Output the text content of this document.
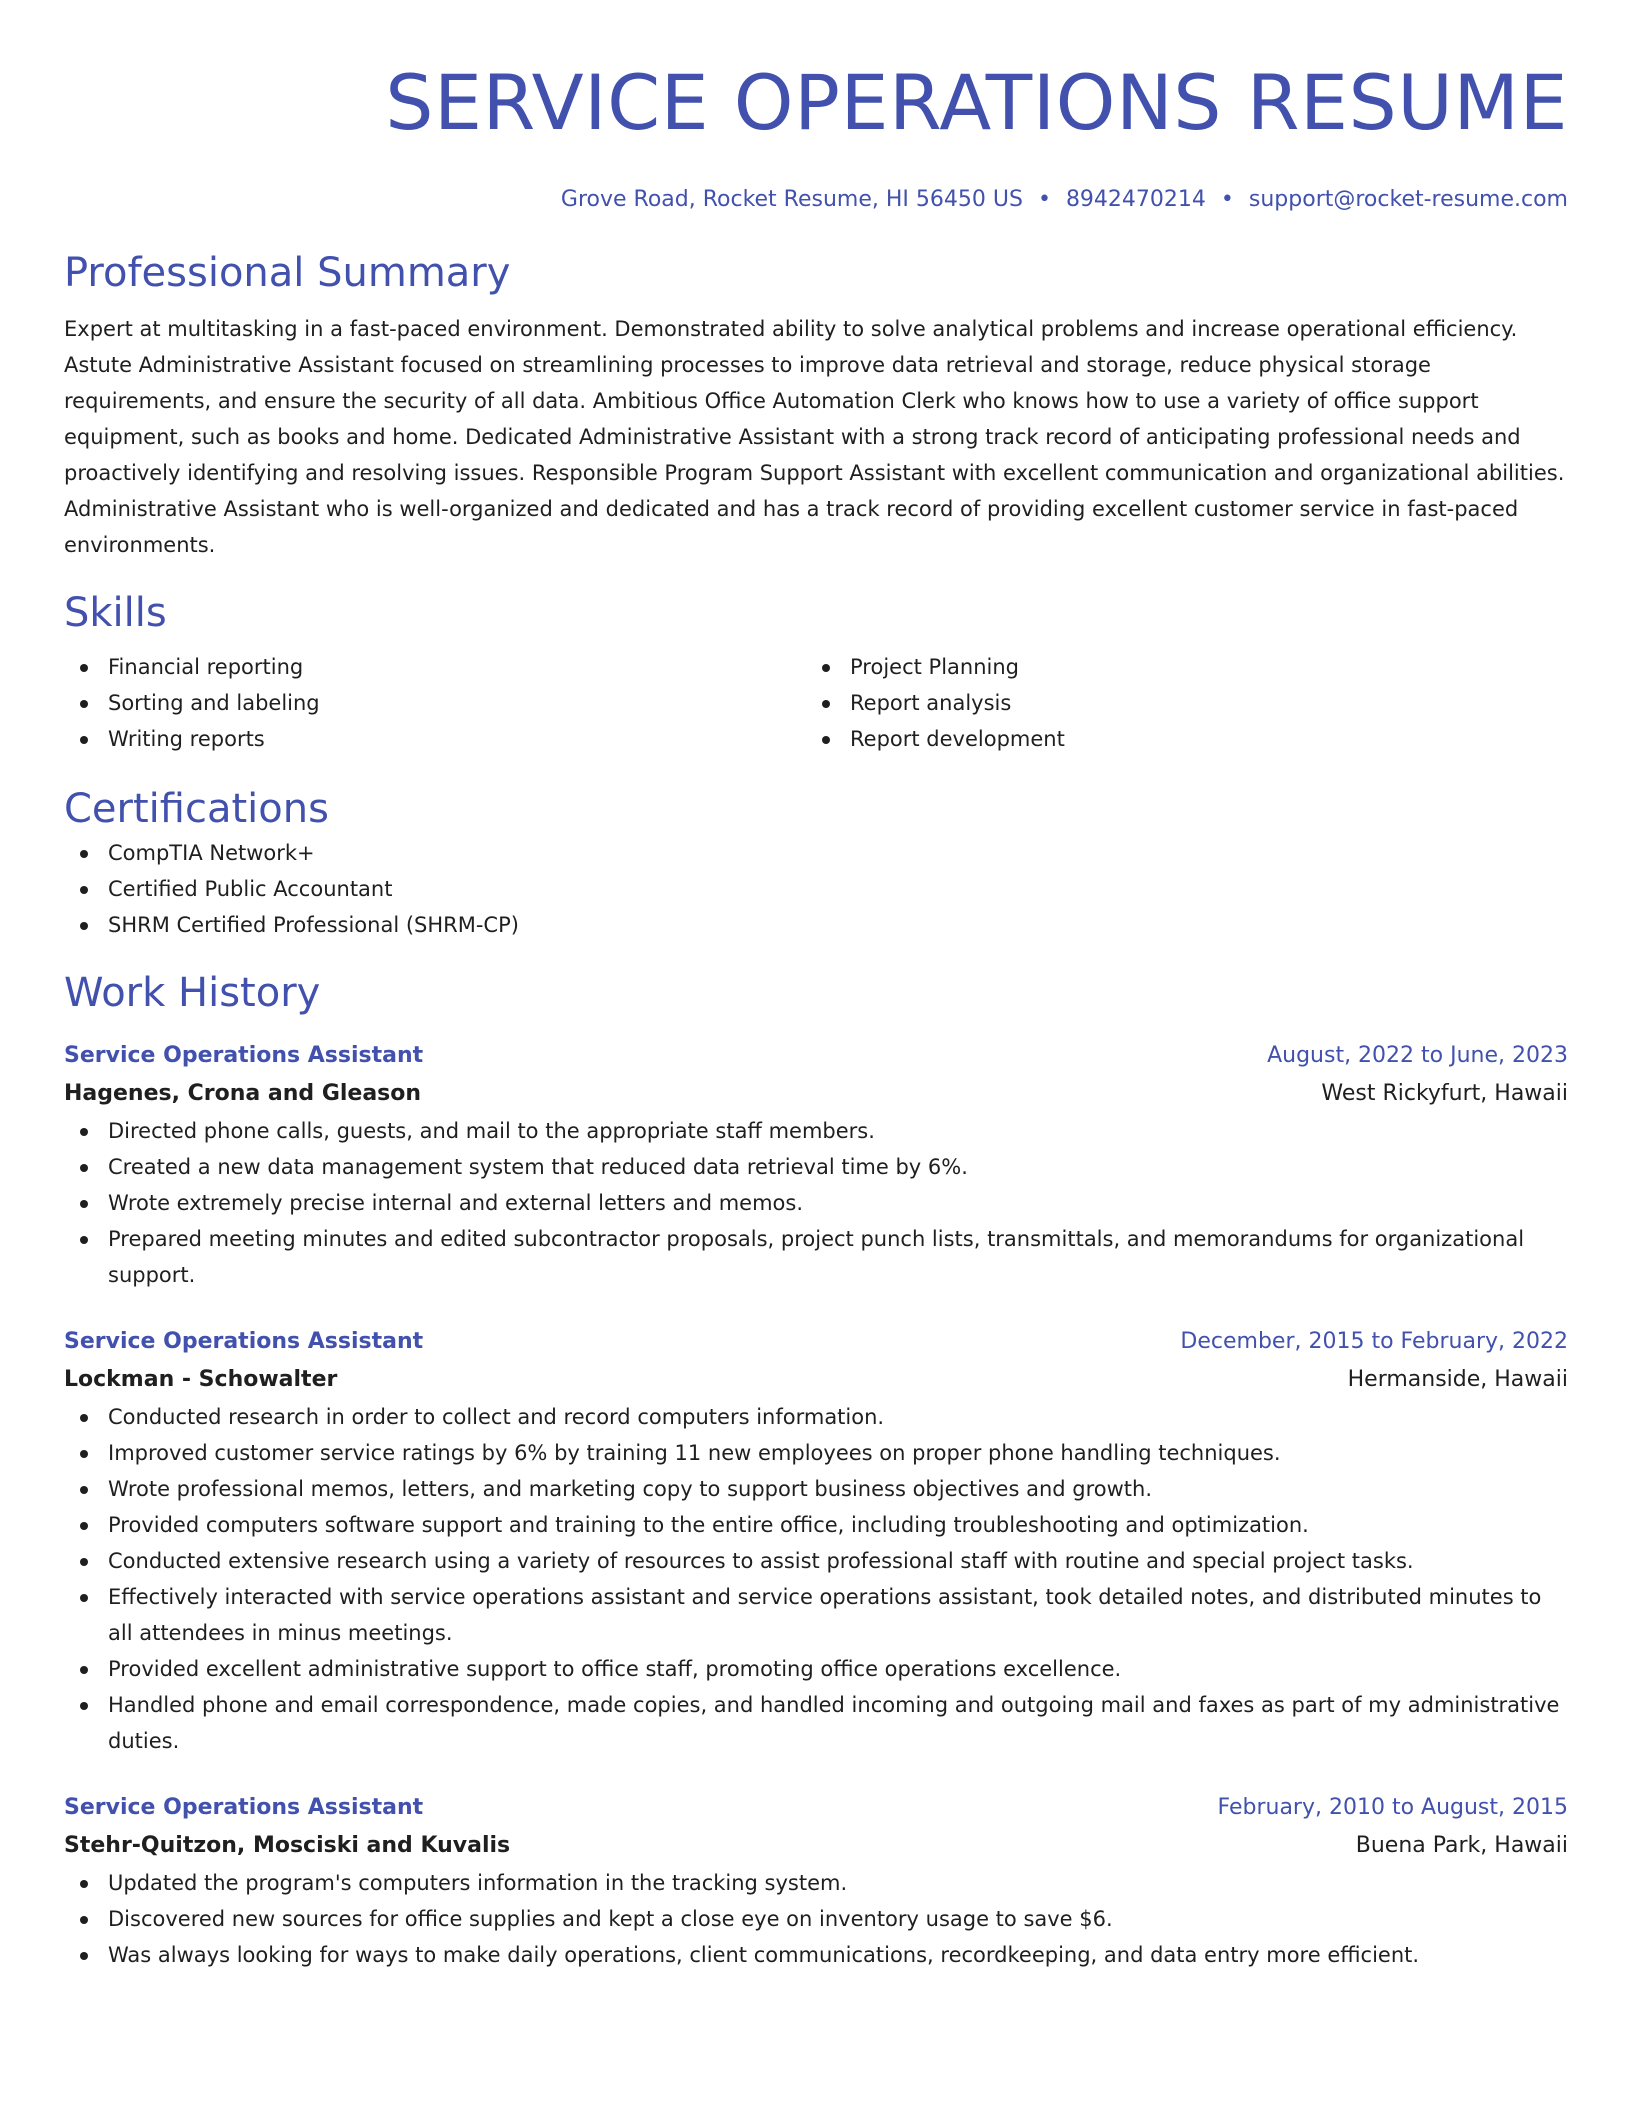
SERVICE OPERATIONS RESUME
Grove Road, Rocket Resume, HI 56450 US • 8942470214 • support@rocket-resume.com
Professional Summary
Expert at multitasking in a fast-paced environment. Demonstrated ability to solve analytical problems and increase operational efficiency. Astute Administrative Assistant focused on streamlining processes to improve data retrieval and storage, reduce physical storage requirements, and ensure the security of all data. Ambitious Office Automation Clerk who knows how to use a variety of office support equipment, such as books and home. Dedicated Administrative Assistant with a strong track record of anticipating professional needs and proactively identifying and resolving issues. Responsible Program Support Assistant with excellent communication and organizational abilities. Administrative Assistant who is well-organized and dedicated and has a track record of providing excellent customer service in fast-paced environments.
Skills
Financial reporting
Sorting and labeling
Writing reports
Project Planning
Report analysis
Report development
Certifications
CompTIA Network+
Certified Public Accountant
SHRM Certified Professional (SHRM-CP)
Work History
Service Operations Assistant	August, 2022 to June, 2023
Hagenes, Crona and Gleason	West Rickyfurt, Hawaii
Directed phone calls, guests, and mail to the appropriate staff members.
Created a new data management system that reduced data retrieval time by 6%.
Wrote extremely precise internal and external letters and memos.
Prepared meeting minutes and edited subcontractor proposals, project punch lists, transmittals, and memorandums for organizational support.
Service Operations Assistant	December, 2015 to February, 2022
Lockman - Schowalter	Hermanside, Hawaii
Conducted research in order to collect and record computers information.
Improved customer service ratings by 6% by training 11 new employees on proper phone handling techniques.
Wrote professional memos, letters, and marketing copy to support business objectives and growth.
Provided computers software support and training to the entire office, including troubleshooting and optimization.
Conducted extensive research using a variety of resources to assist professional staff with routine and special project tasks.
Effectively interacted with service operations assistant and service operations assistant, took detailed notes, and distributed minutes to all attendees in minus meetings.
Provided excellent administrative support to office staff, promoting office operations excellence.
Handled phone and email correspondence, made copies, and handled incoming and outgoing mail and faxes as part of my administrative duties.
Service Operations Assistant	February, 2010 to August, 2015
Stehr-Quitzon, Mosciski and Kuvalis	Buena Park, Hawaii
Updated the program's computers information in the tracking system.
Discovered new sources for office supplies and kept a close eye on inventory usage to save $6.
Was always looking for ways to make daily operations, client communications, recordkeeping, and data entry more efficient.
